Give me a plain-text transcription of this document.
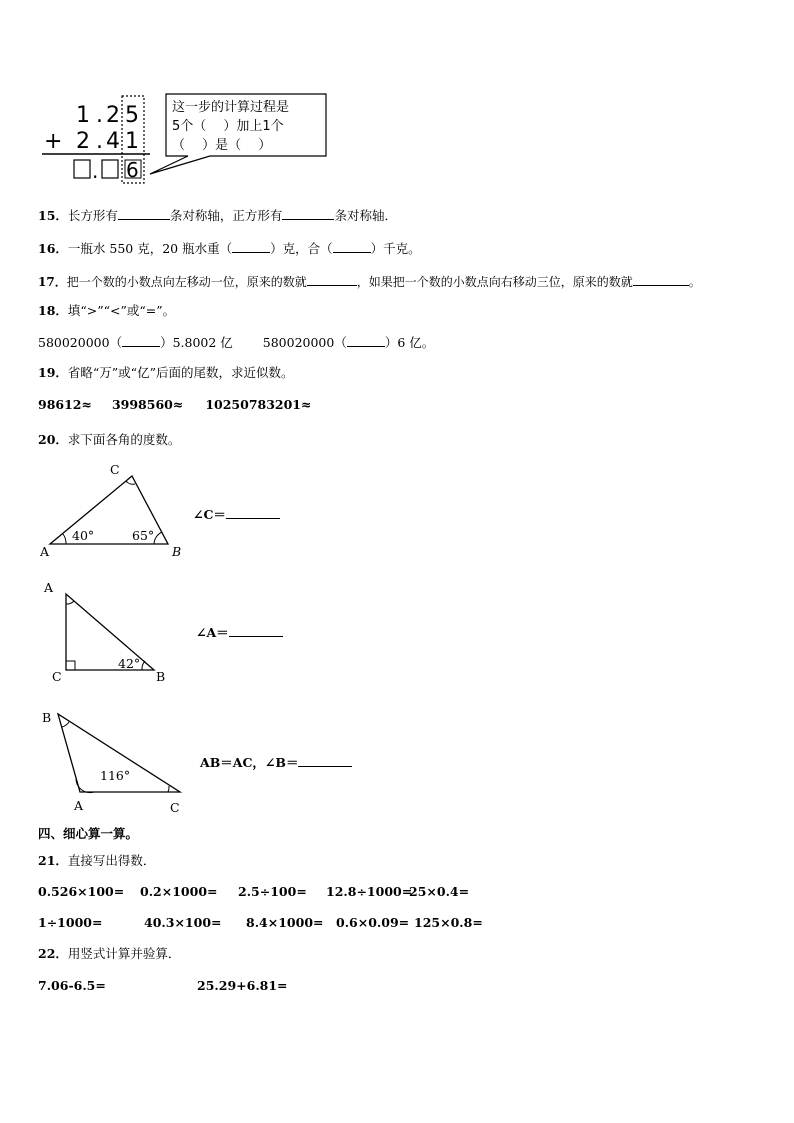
1 . 2 5
+ 2 . 4 1
. 6
这一步的计算过程是
5个（　 ）加上1个
（　 ）是（　 ）
15．长方形有	条对称轴，正方形有	条对称轴．
16．一瓶水 550 克，20 瓶水重（	）克，合（	）千克。
17．把一个数的小数点向左移动一位，原来的数就	，如果把一个数的小数点向右移动三位，原来的数就	。
18．填“>”“<”或“=”。
580020000（	）5.8002 亿 580020000（	）6 亿。
19．省略“万”或“亿”后面的尾数，求近似数。
98612≈ 3998560≈ 10250783201≈
20．求下面各角的度数。
C
A	B
40°	65°
∠C＝
A
C	B
42°
∠A＝
B
A	C
116°
AB＝AC，∠B＝
四、细心算一算。
21．直接写出得数．
0.526×100= 0.2×1000= 2.5÷100= 12.8÷1000=
25×0.4=
1÷1000=	40.3×100= 8.4×1000= 0.6×0.09= 125×0.8=
22．用竖式计算并验算．
7.06-6.5=	25.29+6.81=
